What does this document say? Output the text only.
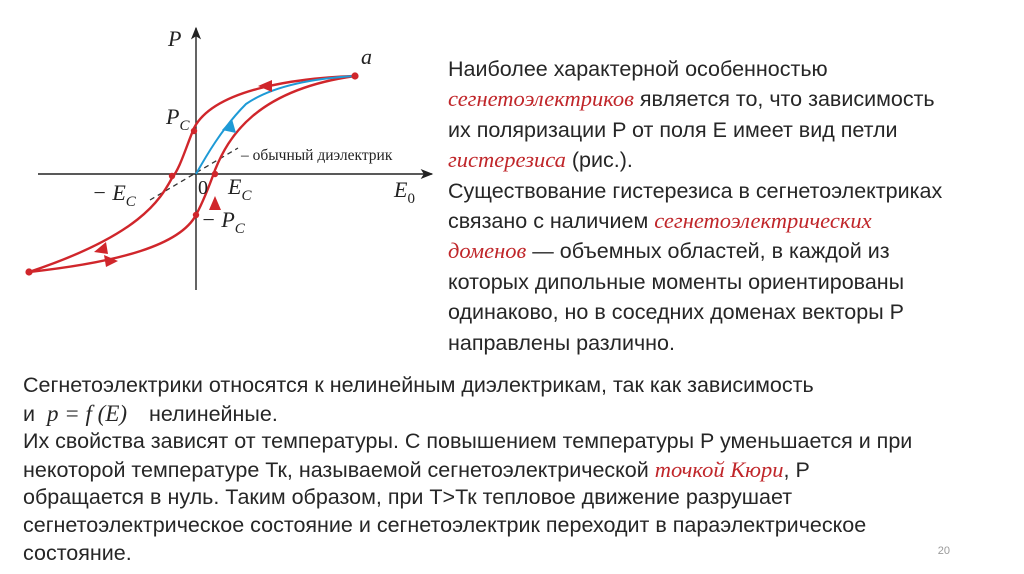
P
a
$P_C$
– обычный диэлектрик
− $E_C$
0 $E_C$	$E_0$
− $P_C$
Наиболее характерной особенностью
сегнетоэлектриков является то, что зависимость
их поляризации P от поля E имеет вид петли
гистерезиса (рис.).
Существование гистерезиса в сегнетоэлектриках
связано с наличием сегнетоэлектрических
доменов — объемных областей, в каждой из
которых дипольные моменты ориентированы
одинаково, но в соседних доменах векторы P
направлены различно.
Сегнетоэлектрики относятся к нелинейным диэлектрикам, так как зависимость
и p = f (E) нелинейные.
Их свойства зависят от температуры. С повышением температуры P уменьшается и при
некоторой температуре Тк, называемой сегнетоэлектрической точкой Кюри, P
обращается в нуль. Таким образом, при T>Тк тепловое движение разрушает
сегнетоэлектрическое состояние и сегнетоэлектрик переходит в параэлектрическое
состояние.	20
